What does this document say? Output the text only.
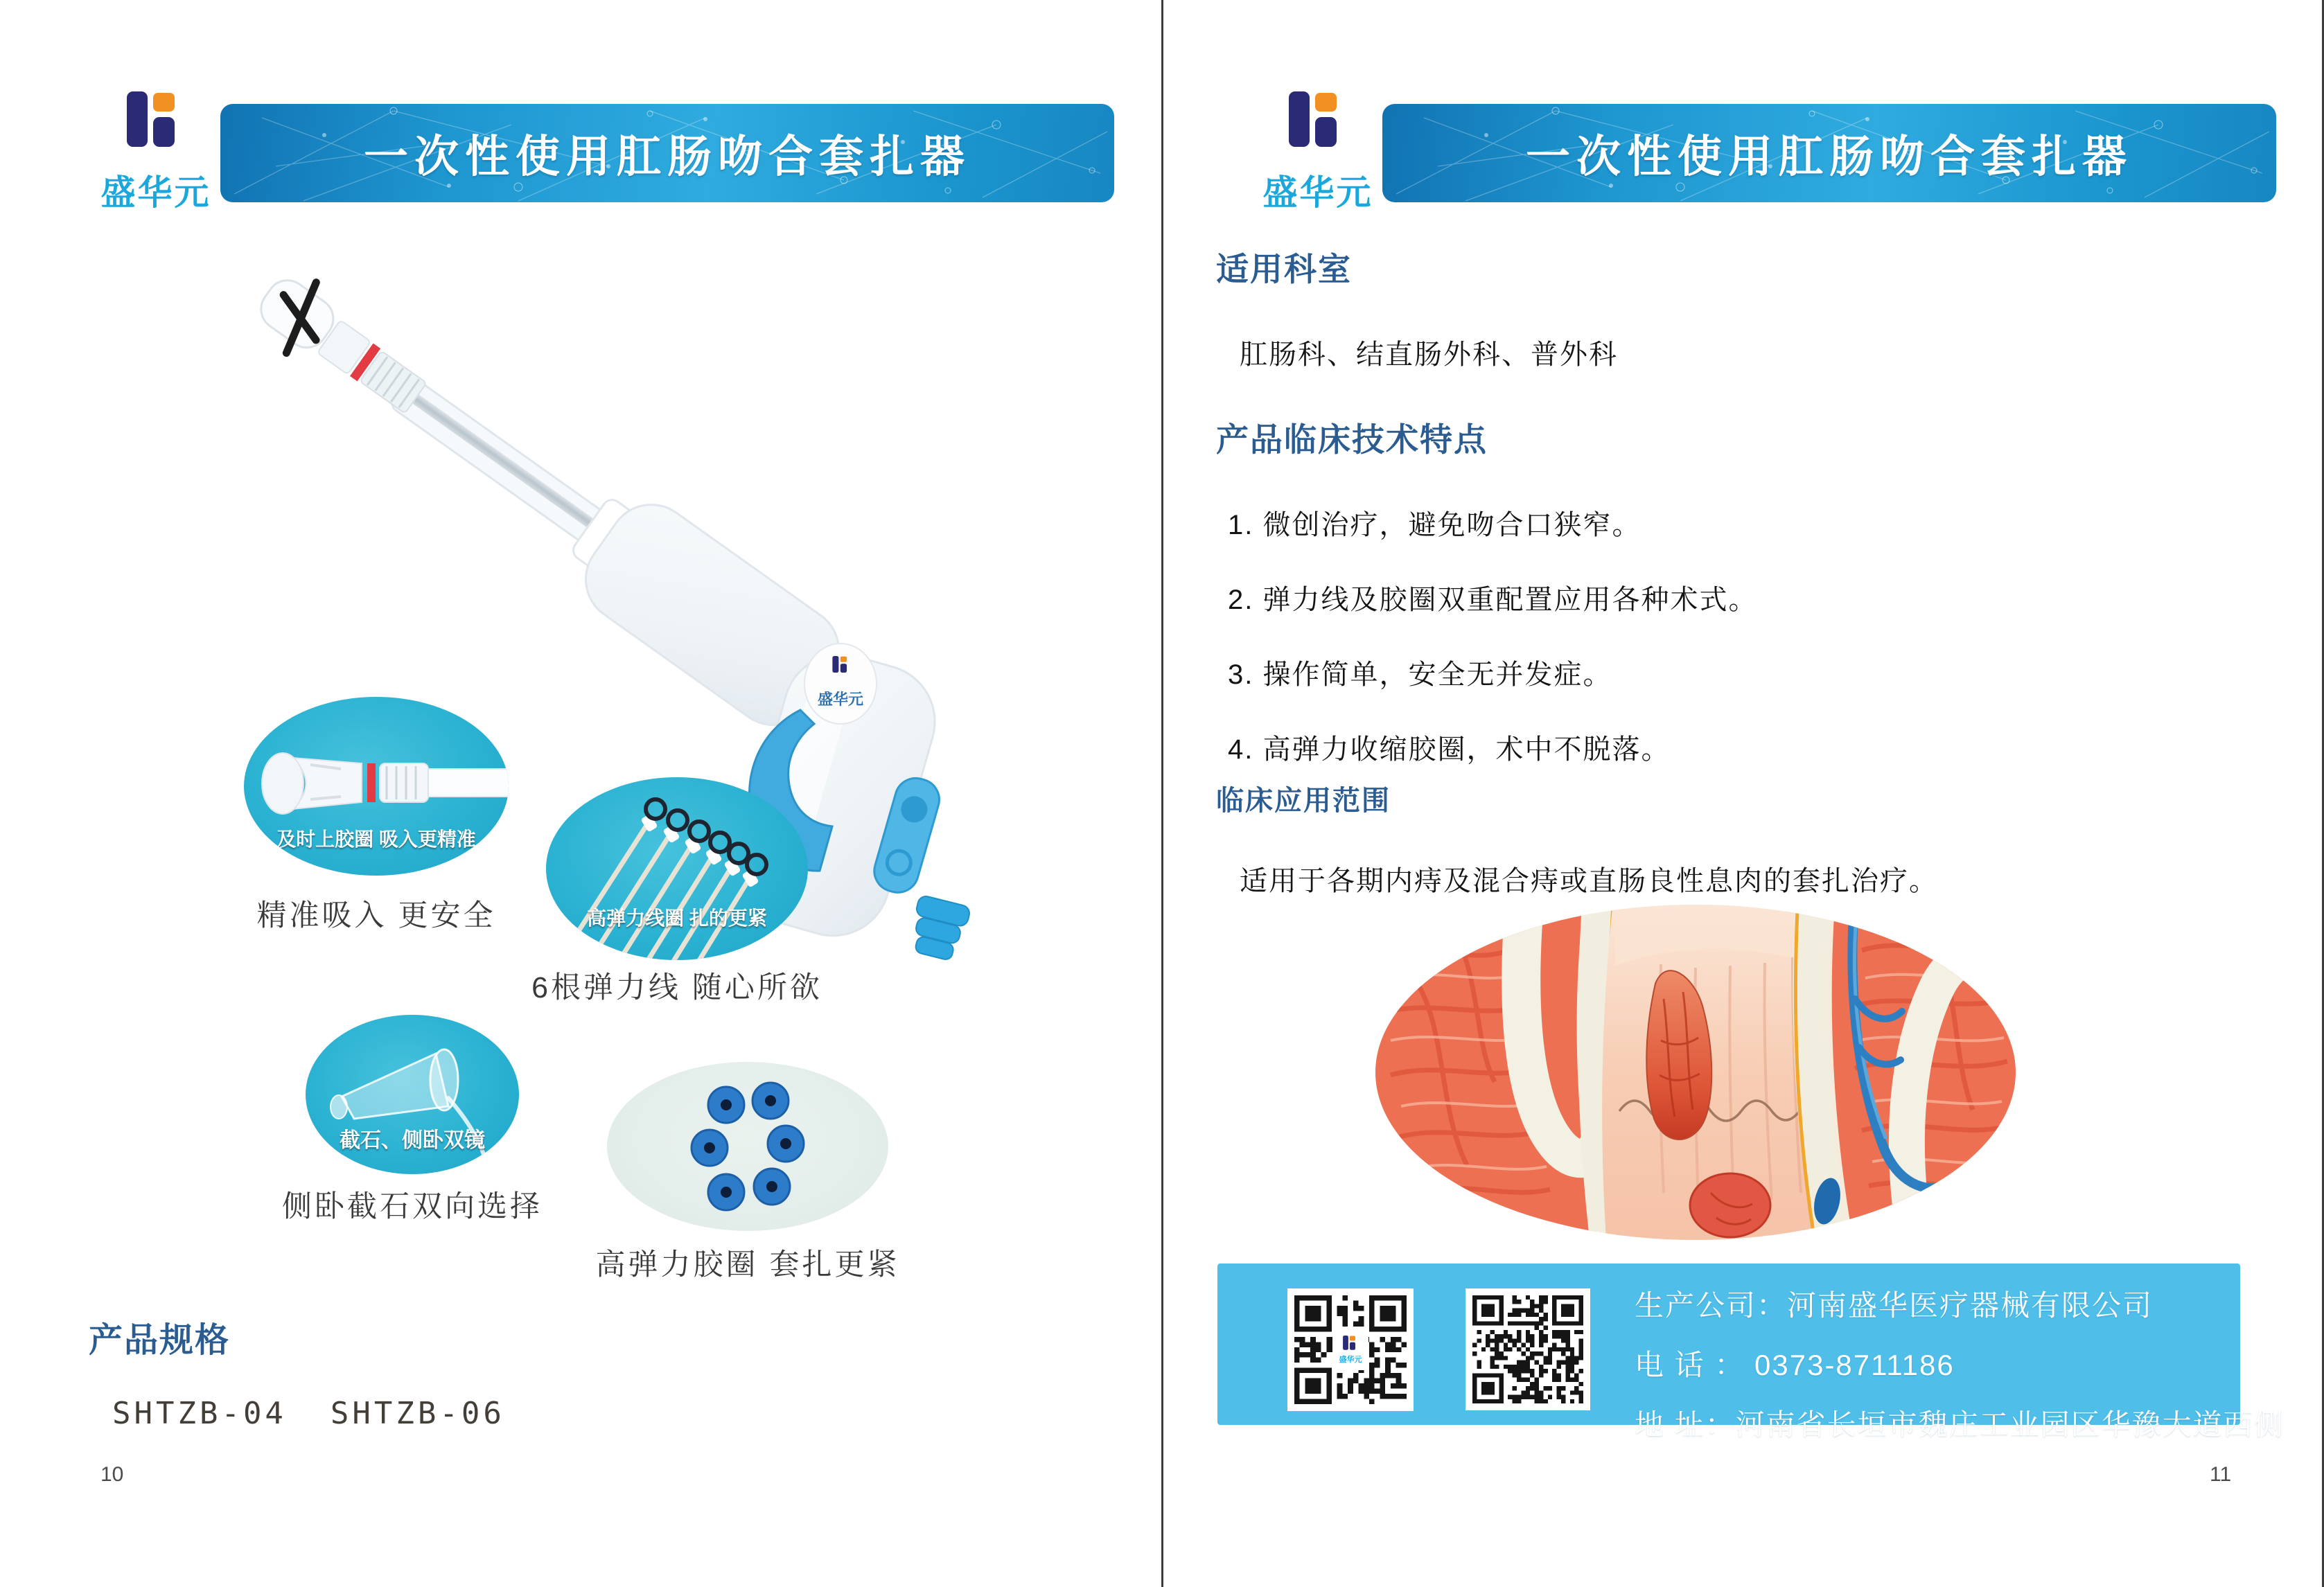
盛华元
一次性使用肛肠吻合套扎器
盛华元
及时上胶圈 吸入更精准
精准吸入 更安全	高弹力线圈 扎的更紧
6根弹力线 随心所欲
截石、侧卧双镜
侧卧截石双向选择
高弹力胶圈 套扎更紧
产品规格
SHTZB-04  SHTZB-06
10
盛华元
一次性使用肛肠吻合套扎器
适用科室
肛肠科、结直肠外科、普外科
产品临床技术特点
1. 微创治疗，避免吻合口狭窄。
2. 弹力线及胶圈双重配置应用各种术式。
3. 操作简单，安全无并发症。
4. 高弹力收缩胶圈，术中不脱落。
临床应用范围
适用于各期内痔及混合痔或直肠良性息肉的套扎治疗。
盛华元
生产公司：河南盛华医疗器械有限公司
电 话 ： 0373-8711186
地 址：河南省长垣市魏庄工业园区华豫大道西侧
11
